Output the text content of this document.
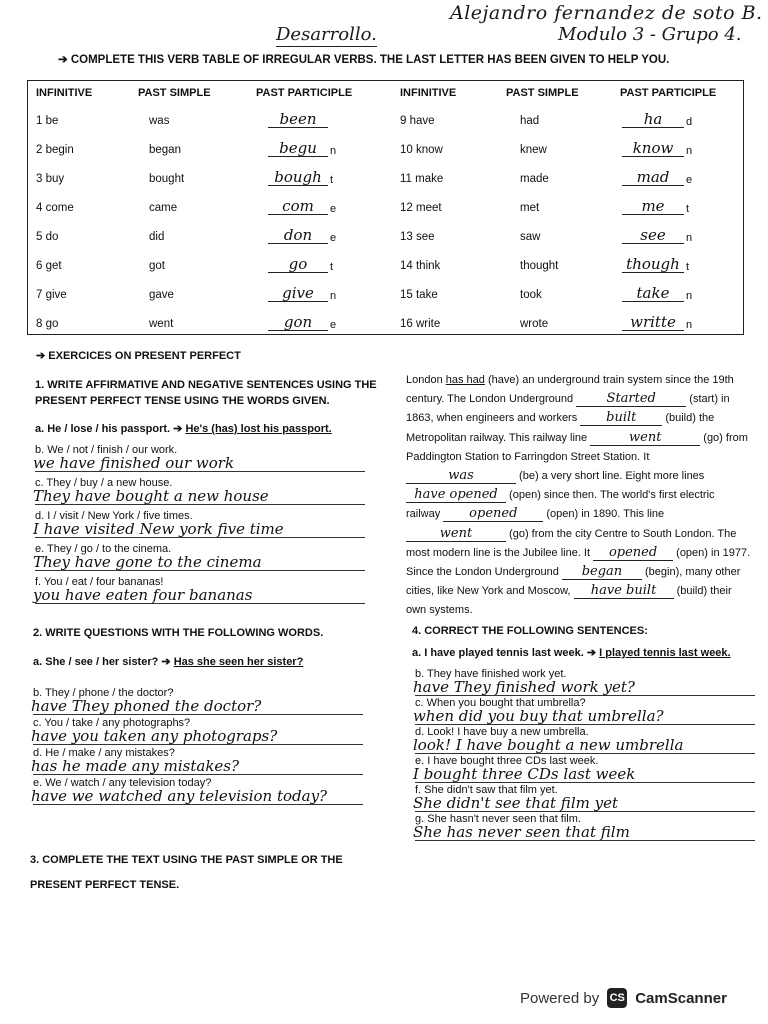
Alejandro fernandez de soto B.
Modulo 3 - Grupo 4.
Desarrollo.
➔ COMPLETE THIS VERB TABLE OF IRREGULAR VERBS. THE LAST LETTER HAS BEEN GIVEN TO HELP YOU.
INFINITIVE	PAST SIMPLE	PAST PARTICIPLE	INFINITIVE	PAST SIMPLE	PAST PARTICIPLE
1 be	was	been
2 begin	began	begu	n
3 buy	bought	bough t
4 come	came	com	e
5 do	did	don	e
6 get	got	go	t
7 give	gave	give	n
8 go	went	gon	e
9 have	had	ha	d
10 know	knew	know	n
11 make	made	mad	e
12 meet	met	me	t
13 see	saw	see	n
14 think	thought	though t
15 take	took	take	n
16 write	wrote	writte n
➔ EXERCICES ON PRESENT PERFECT
1. WRITE AFFIRMATIVE AND NEGATIVE SENTENCES USING THE PRESENT PERFECT TENSE USING THE WORDS GIVEN.
a. He / lose / his passport. ➔ He's (has) lost his passport.
b. We / not / finish / our work.
we have finished our work
c. They / buy / a new house.
They have bought a new house
d. I / visit / New York / five times.
I have visited New york five time
e. They / go / to the cinema.
They have gone to the cinema
f. You / eat / four bananas!
you have eaten four bananas
2. WRITE QUESTIONS WITH THE FOLLOWING WORDS.
a. She / see / her sister? ➔ Has she seen her sister?
b. They / phone / the doctor?
have They phoned the doctor?
c. You / take / any photographs?
have you taken any photograps?
d. He / make / any mistakes?
has he made any mistakes?
e. We / watch / any television today?
have we watched any television today?
3. COMPLETE THE TEXT USING THE PAST SIMPLE OR THE PRESENT PERFECT TENSE.
London has had (have) an underground train system since the 19th century. The London Underground Started	(start) in 1863, when engineers and workers built (build) the Metropolitan railway. This railway line	went	(go) from Paddington Station to Farringdon Street Station. It was	(be) a very short line. Eight more lines have opened (open) since then. The world's first electric railway opened (open) in 1890. This line went	(go) from the city Centre to South London. The most modern line is the Jubilee line. It opened (open) in 1977. Since the London Underground began (begin), many other cities, like New York and Moscow, have built (build) their own systems.
4. CORRECT THE FOLLOWING SENTENCES:
a. I have played tennis last week. ➔ I played tennis last week.
b. They have finished work yet.
have They finished work yet?
c. When you bought that umbrella?
when did you buy that umbrella?
d. Look! I have buy a new umbrella.
look! I have bought a new umbrella
e. I have bought three CDs last week.
I bought three CDs last week
f. She didn't saw that film yet.
She didn't see that film yet
g. She hasn't never seen that film.
She has never seen that film
Powered by CS CamScanner
